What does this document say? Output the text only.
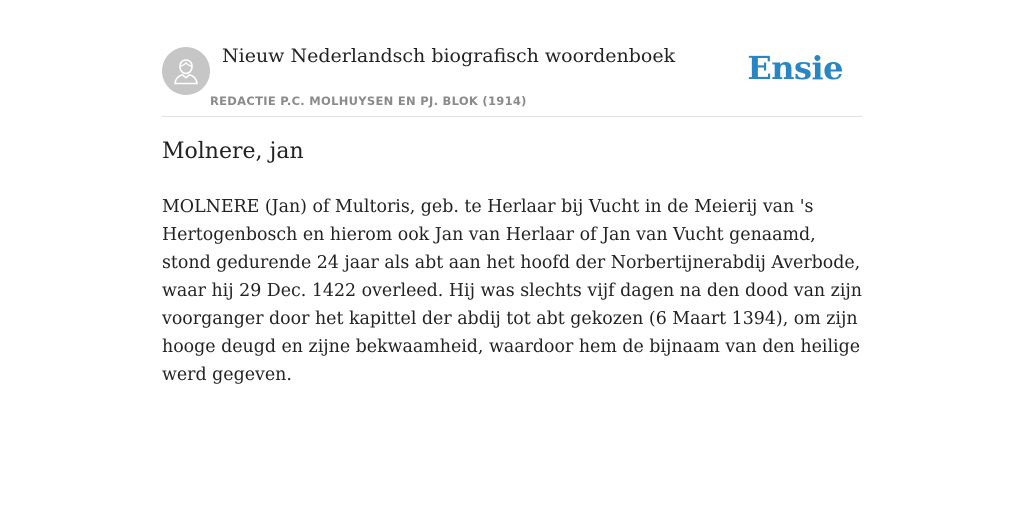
Nieuw Nederlandsch biografisch woordenboek
REDACTIE P.C. MOLHUYSEN EN PJ. BLOK (1914)
Ensie
Molnere, jan

MOLNERE (Jan) of Multoris, geb. te Herlaar bij Vucht in de Meierij van 's Hertogenbosch en hierom ook Jan van Herlaar of Jan van Vucht genaamd, stond gedurende 24 jaar als abt aan het hoofd der Norbertijnerabdij Averbode, waar hij 29 Dec. 1422 overleed. Hij was slechts vijf dagen na den dood van zijn voorganger door het kapittel der abdij tot abt gekozen (6 Maart 1394), om zijn hooge deugd en zijne bekwaamheid, waardoor hem de bijnaam van den heilige werd gegeven.
